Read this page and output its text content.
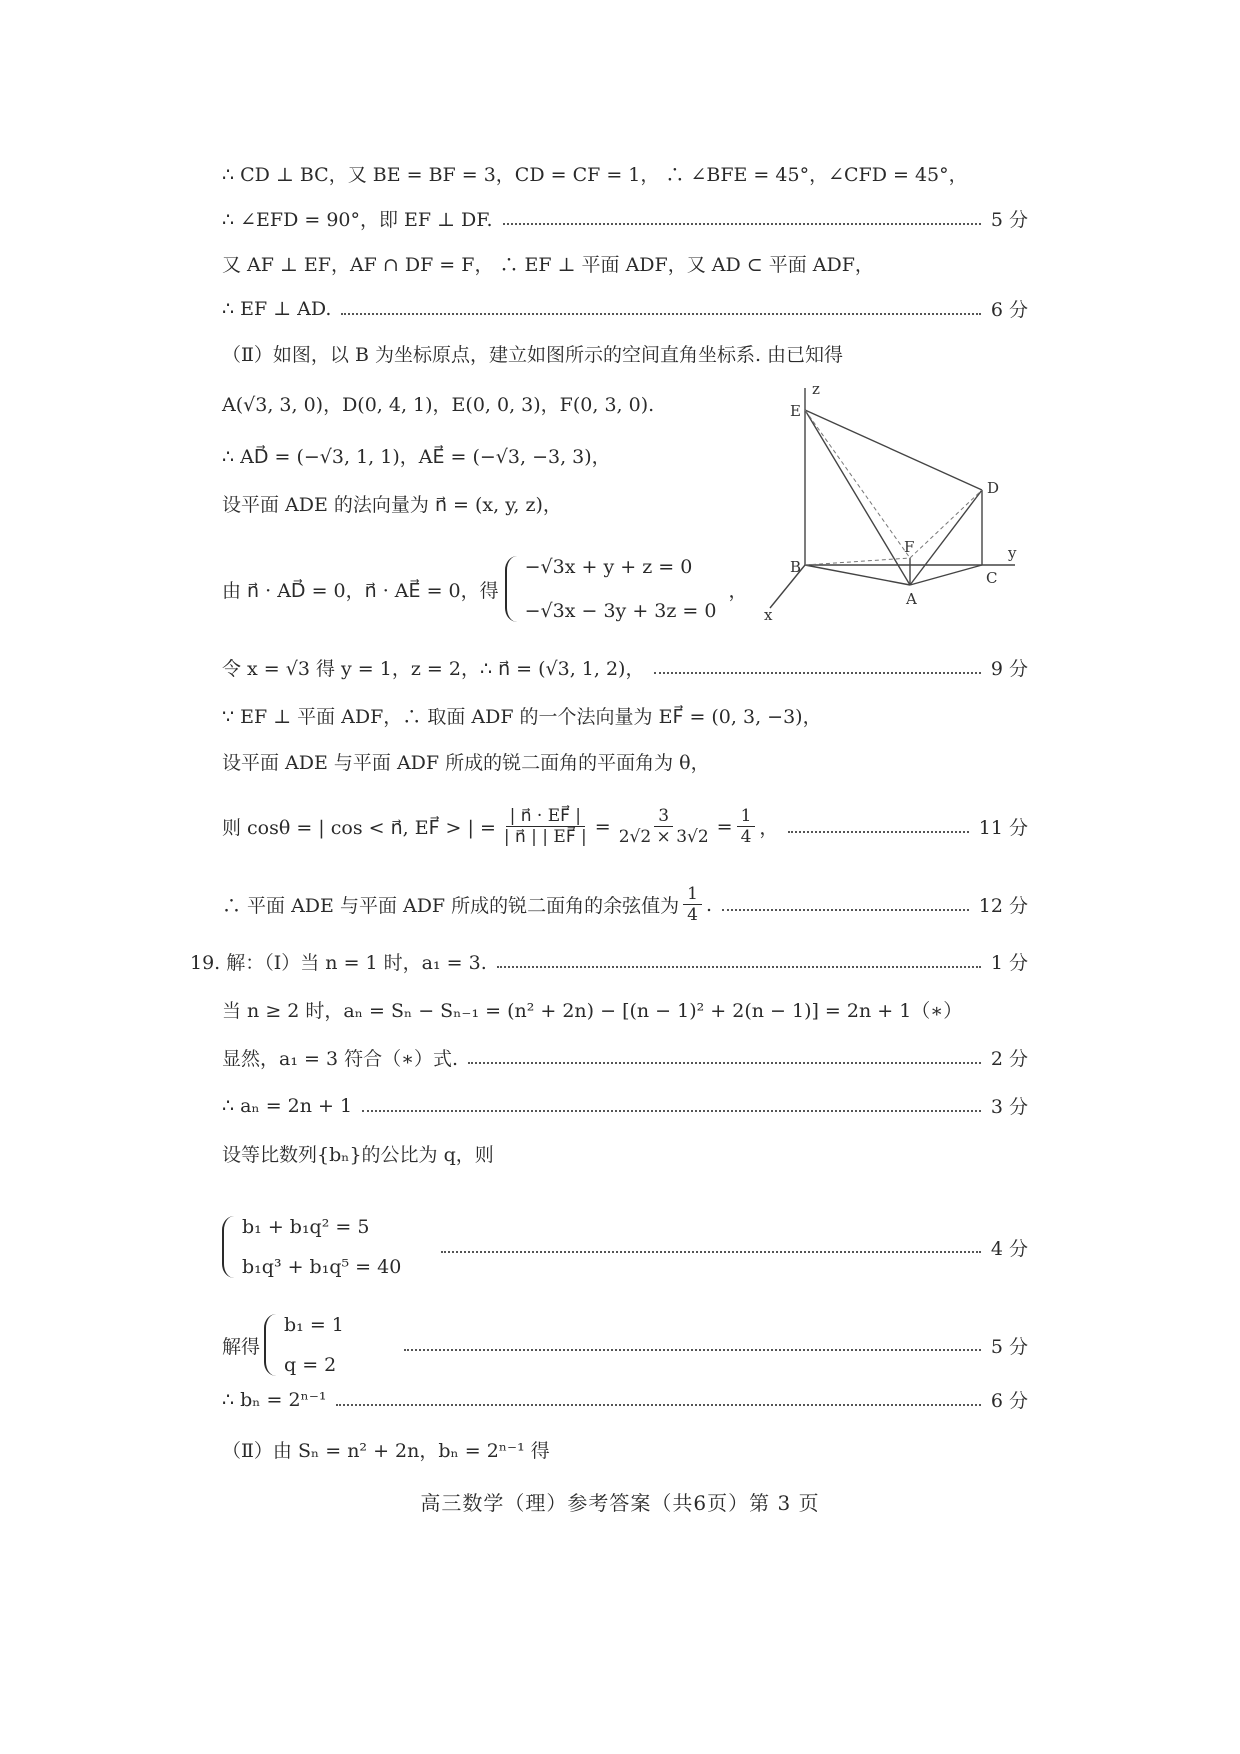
∴ CD ⊥ BC，又 BE = BF = 3，CD = CF = 1， ∴ ∠BFE = 45°，∠CFD = 45°，
∴ ∠EFD = 90°，即 EF ⊥ DF.	5 分
又 AF ⊥ EF，AF ∩ DF = F， ∴ EF ⊥ 平面 ADF，又 AD ⊂ 平面 ADF，
∴ EF ⊥ AD.	6 分
（Ⅱ）如图，以 B 为坐标原点，建立如图所示的空间直角坐标系. 由已知得
A(√3, 3, 0)，D(0, 4, 1)，E(0, 0, 3)，F(0, 3, 0).
∴ AD⃗ = (−√3, 1, 1)，AE⃗ = (−√3, −3, 3)，
设平面 ADE 的法向量为 n⃗ = (x, y, z)，
由 n⃗ · AD⃗ = 0，n⃗ · AE⃗ = 0，得
−√3x + y + z = 0
−√3x − 3y + 3z = 0
，
令 x = √3 得 y = 1，z = 2，∴ n⃗ = (√3, 1, 2)，	9 分
∵ EF ⊥ 平面 ADF，∴ 取面 ADF 的一个法向量为 EF⃗ = (0, 3, −3)，
设平面 ADE 与平面 ADF 所成的锐二面角的平面角为 θ，
则 cosθ = | cos < n⃗, EF⃗ > | = $\frac{| n⃗ \cdot EF⃗ |}{| n⃗ | | EF⃗ |} = \frac{3}{2√2 \times 3√2} = \frac{1}{4}$ ，	11 分
∴ 平面 ADE 与平面 ADF 所成的锐二面角的余弦值为 $\frac{1}{4}$ .	12 分
19. 解：（Ⅰ）当 n = 1 时，a₁ = 3.	1 分
当 n ≥ 2 时，aₙ = Sₙ − Sₙ₋₁ = (n² + 2n) − [(n − 1)² + 2(n − 1)] = 2n + 1（∗）
显然，a₁ = 3 符合（∗）式.	2 分
∴ aₙ = 2n + 1	3 分
设等比数列{bₙ}的公比为 q，则
b₁ + b₁q² = 5
b₁q³ + b₁q⁵ = 40
4 分
解得
b₁ = 1
q = 2
5 分
∴ bₙ = 2ⁿ⁻¹	6 分
（Ⅱ）由 Sₙ = n² + 2n，bₙ = 2ⁿ⁻¹ 得
z
E
D
F	y
B
C
A
x
高三数学（理）参考答案（共6页）第 3 页
